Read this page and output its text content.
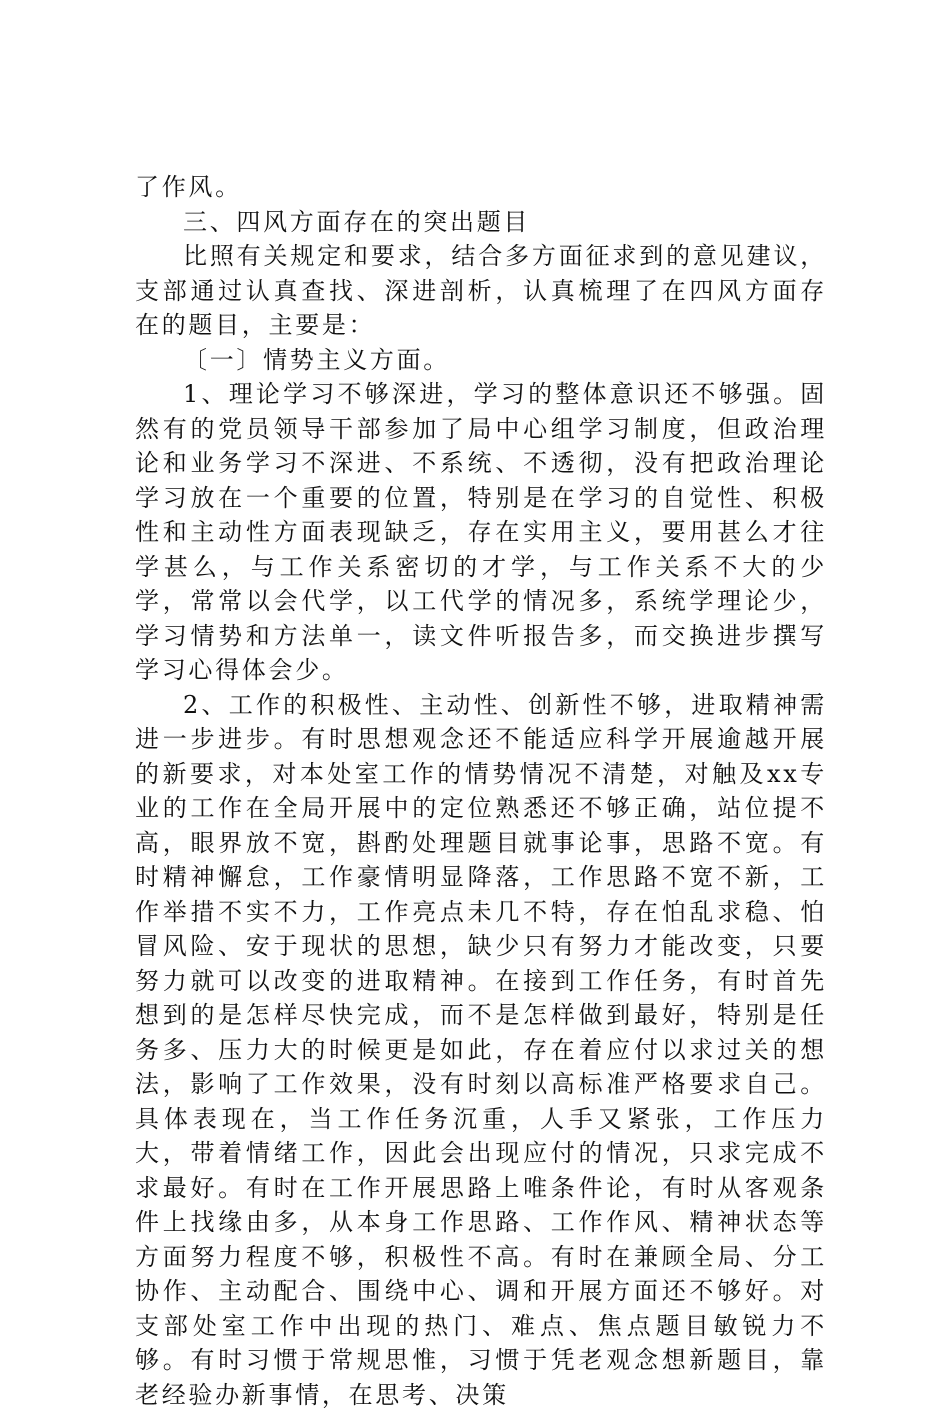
了作风。

三、四风方面存在的突出题目

比照有关规定和要求，结合多方面征求到的意见建议，支部通过认真查找、深进剖析，认真梳理了在四风方面存在的题目，主要是：

〔一〕情势主义方面。

1、理论学习不够深进，学习的整体意识还不够强。固然有的党员领导干部参加了局中心组学习制度，但政治理论和业务学习不深进、不系统、不透彻，没有把政治理论学习放在一个重要的位置，特别是在学习的自觉性、积极性和主动性方面表现缺乏，存在实用主义，要用甚么才往学甚么，与工作关系密切的才学，与工作关系不大的少学，常常以会代学，以工代学的情况多，系统学理论少，学习情势和方法单一，读文件听报告多，而交换进步撰写学习心得体会少。

2、工作的积极性、主动性、创新性不够，进取精神需进一步进步。有时思想观念还不能适应科学开展逾越开展的新要求，对本处室工作的情势情况不清楚，对触及xx专业的工作在全局开展中的定位熟悉还不够正确，站位提不高，眼界放不宽，斟酌处理题目就事论事，思路不宽。有时精神懈怠，工作豪情明显降落，工作思路不宽不新，工作举措不实不力，工作亮点未几不特，存在怕乱求稳、怕冒风险、安于现状的思想，缺少只有努力才能改变，只要努力就可以改变的进取精神。在接到工作任务，有时首先想到的是怎样尽快完成，而不是怎样做到最好，特别是任务多、压力大的时候更是如此，存在着应付以求过关的想法，影响了工作效果，没有时刻以高标准严格要求自己。具体表现在，当工作任务沉重，人手又紧张，工作压力大，带着情绪工作，因此会出现应付的情况，只求完成不求最好。有时在工作开展思路上唯条件论，有时从客观条件上找缘由多，从本身工作思路、工作作风、精神状态等方面努力程度不够，积极性不高。有时在兼顾全局、分工协作、主动配合、围绕中心、调和开展方面还不够好。对支部处室工作中出现的热门、难点、焦点题目敏锐力不够。有时习惯于常规思惟，习惯于凭老观念想新题目，靠老经验办新事情，在思考、决策
